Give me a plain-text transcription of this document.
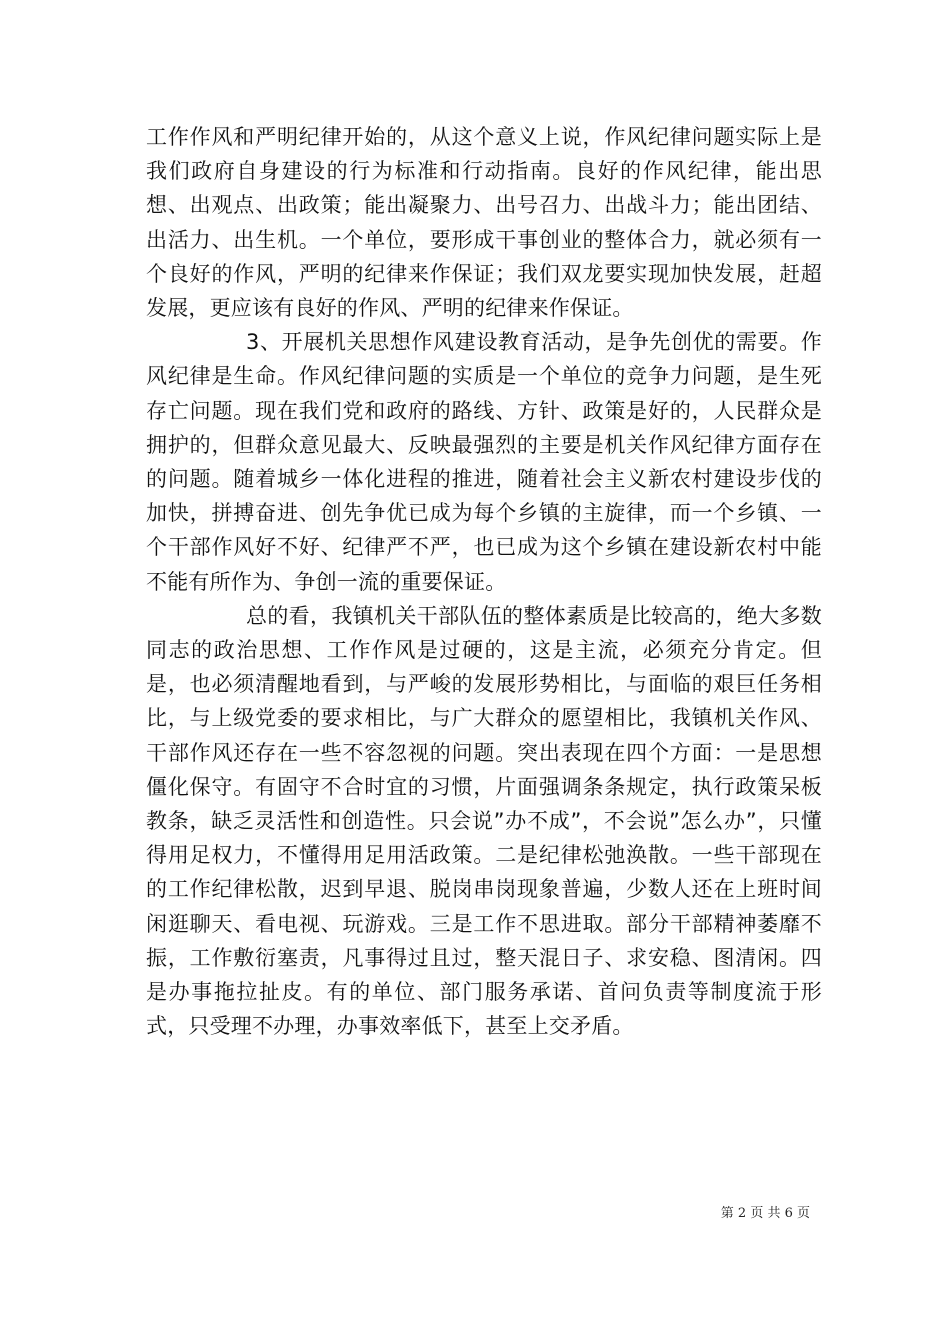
工作作风和严明纪律开始的，从这个意义上说，作风纪律问题实际上是我们政府自身建设的行为标准和行动指南。良好的作风纪律，能出思想、出观点、出政策；能出凝聚力、出号召力、出战斗力；能出团结、出活力、出生机。一个单位，要形成干事创业的整体合力，就必须有一个良好的作风，严明的纪律来作保证；我们双龙要实现加快发展，赶超发展，更应该有良好的作风、严明的纪律来作保证。
3、开展机关思想作风建设教育活动，是争先创优的需要。作风纪律是生命。作风纪律问题的实质是一个单位的竞争力问题，是生死存亡问题。现在我们党和政府的路线、方针、政策是好的，人民群众是拥护的，但群众意见最大、反映最强烈的主要是机关作风纪律方面存在的问题。随着城乡一体化进程的推进，随着社会主义新农村建设步伐的加快，拼搏奋进、创先争优已成为每个乡镇的主旋律，而一个乡镇、一个干部作风好不好、纪律严不严，也已成为这个乡镇在建设新农村中能不能有所作为、争创一流的重要保证。
总的看，我镇机关干部队伍的整体素质是比较高的，绝大多数同志的政治思想、工作作风是过硬的，这是主流，必须充分肯定。但是，也必须清醒地看到，与严峻的发展形势相比，与面临的艰巨任务相比，与上级党委的要求相比，与广大群众的愿望相比，我镇机关作风、干部作风还存在一些不容忽视的问题。突出表现在四个方面：一是思想僵化保守。有固守不合时宜的习惯，片面强调条条规定，执行政策呆板教条，缺乏灵活性和创造性。只会说”办不成”，不会说”怎么办”，只懂得用足权力，不懂得用足用活政策。二是纪律松弛涣散。一些干部现在的工作纪律松散，迟到早退、脱岗串岗现象普遍，少数人还在上班时间闲逛聊天、看电视、玩游戏。三是工作不思进取。部分干部精神萎靡不振，工作敷衍塞责，凡事得过且过，整天混日子、求安稳、图清闲。四是办事拖拉扯皮。有的单位、部门服务承诺、首问负责等制度流于形式，只受理不办理，办事效率低下，甚至上交矛盾。
第 2 页 共 6 页
